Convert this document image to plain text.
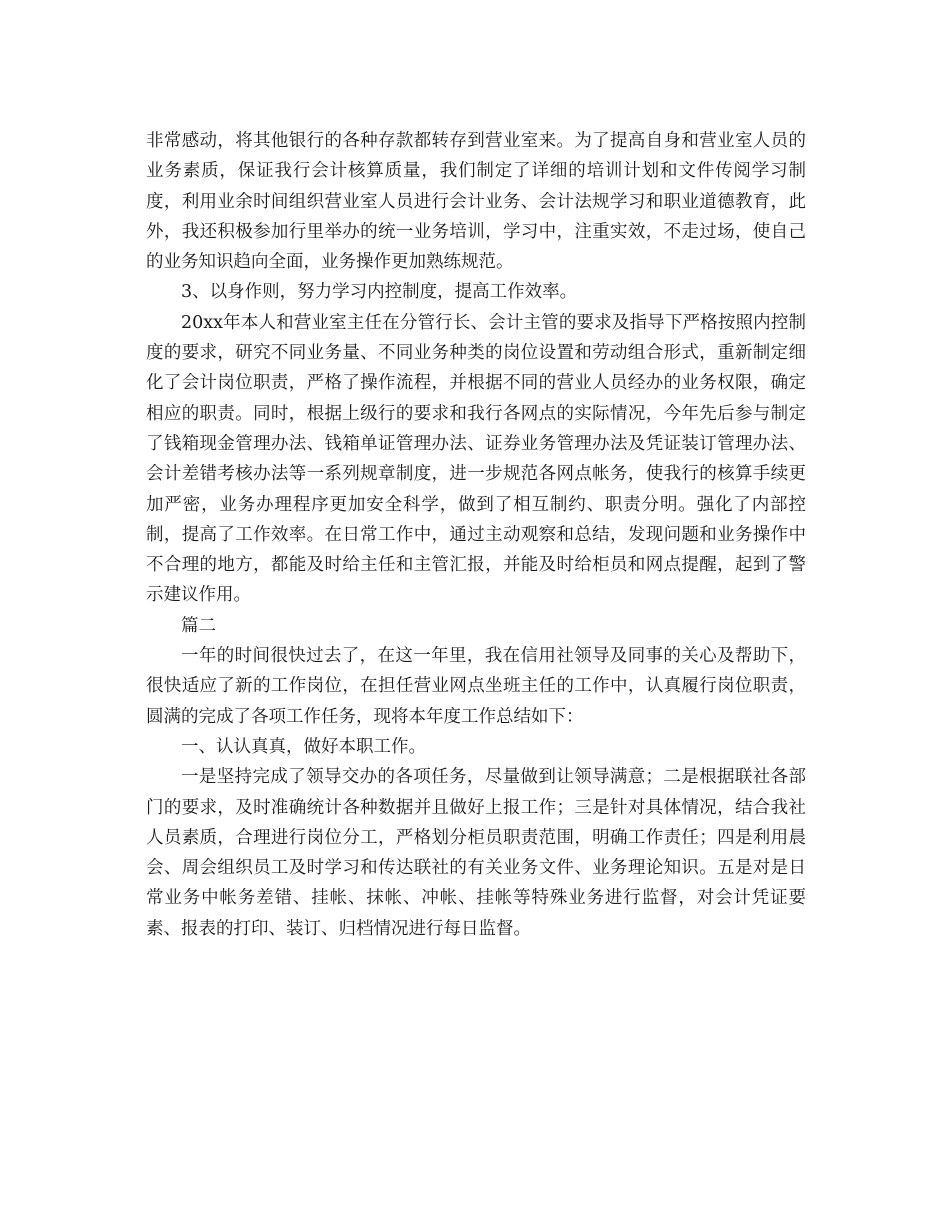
非常感动，将其他银行的各种存款都转存到营业室来。为了提高自身和营业室人员的业务素质，保证我行会计核算质量，我们制定了详细的培训计划和文件传阅学习制度，利用业余时间组织营业室人员进行会计业务、会计法规学习和职业道德教育，此外，我还积极参加行里举办的统一业务培训，学习中，注重实效，不走过场，使自己的业务知识趋向全面，业务操作更加熟练规范。

3、以身作则，努力学习内控制度，提高工作效率。

20xx年本人和营业室主任在分管行长、会计主管的要求及指导下严格按照内控制度的要求，研究不同业务量、不同业务种类的岗位设置和劳动组合形式，重新制定细化了会计岗位职责，严格了操作流程，并根据不同的营业人员经办的业务权限，确定相应的职责。同时，根据上级行的要求和我行各网点的实际情况，今年先后参与制定了钱箱现金管理办法、钱箱单证管理办法、证券业务管理办法及凭证装订管理办法、会计差错考核办法等一系列规章制度，进一步规范各网点帐务，使我行的核算手续更加严密，业务办理程序更加安全科学，做到了相互制约、职责分明。强化了内部控制，提高了工作效率。在日常工作中，通过主动观察和总结，发现问题和业务操作中不合理的地方，都能及时给主任和主管汇报，并能及时给柜员和网点提醒，起到了警示建议作用。

篇二

一年的时间很快过去了，在这一年里，我在信用社领导及同事的关心及帮助下，很快适应了新的工作岗位，在担任营业网点坐班主任的工作中，认真履行岗位职责，圆满的完成了各项工作任务，现将本年度工作总结如下：

一、认认真真，做好本职工作。

一是坚持完成了领导交办的各项任务，尽量做到让领导满意；二是根据联社各部门的要求，及时准确统计各种数据并且做好上报工作；三是针对具体情况，结合我社人员素质，合理进行岗位分工，严格划分柜员职责范围，明确工作责任；四是利用晨会、周会组织员工及时学习和传达联社的有关业务文件、业务理论知识。五是对是日常业务中帐务差错、挂帐、抹帐、冲帐、挂帐等特殊业务进行监督，对会计凭证要素、报表的打印、装订、归档情况进行每日监督。
